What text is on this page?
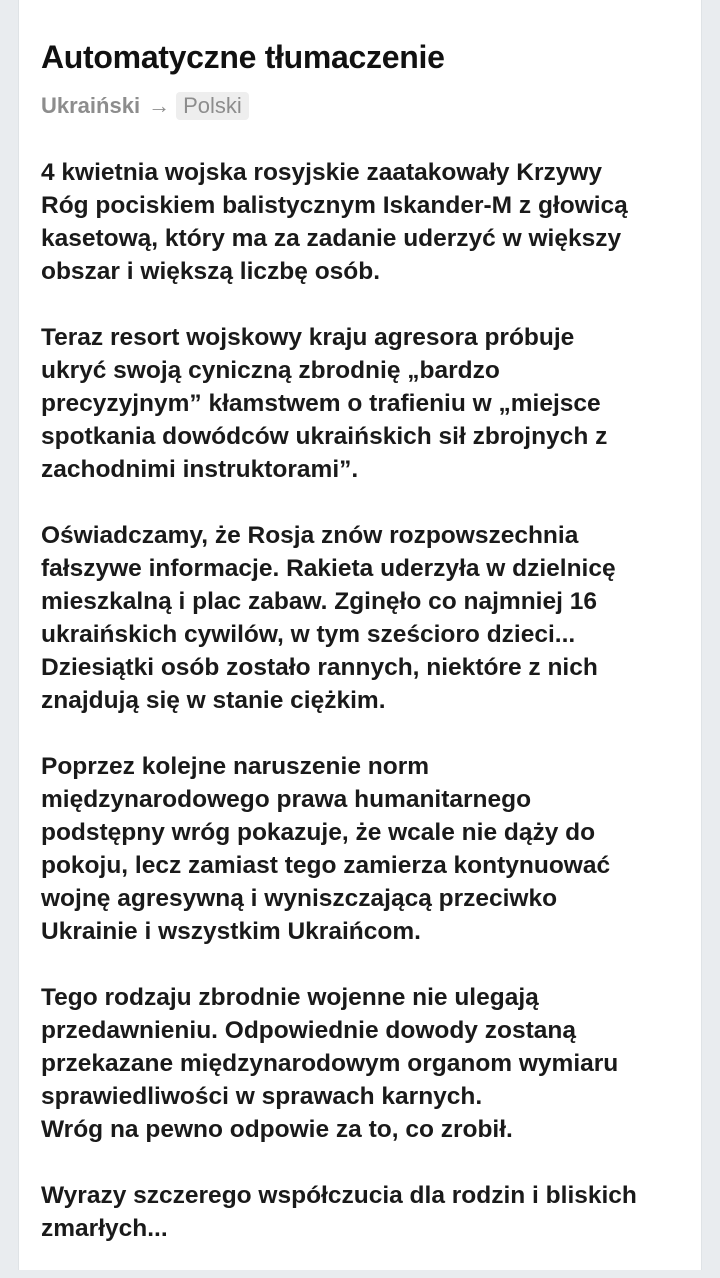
Automatyczne tłumaczenie
Ukraiński → Polski

4 kwietnia wojska rosyjskie zaatakowały Krzywy
Róg pociskiem balistycznym Iskander-M z głowicą
kasetową, który ma za zadanie uderzyć w większy
obszar i większą liczbę osób.

Teraz resort wojskowy kraju agresora próbuje
ukryć swoją cyniczną zbrodnię „bardzo
precyzyjnym” kłamstwem o trafieniu w „miejsce
spotkania dowódców ukraińskich sił zbrojnych z
zachodnimi instruktorami”.

Oświadczamy, że Rosja znów rozpowszechnia
fałszywe informacje. Rakieta uderzyła w dzielnicę
mieszkalną i plac zabaw. Zginęło co najmniej 16
ukraińskich cywilów, w tym sześcioro dzieci...
Dziesiątki osób zostało rannych, niektóre z nich
znajdują się w stanie ciężkim.

Poprzez kolejne naruszenie norm
międzynarodowego prawa humanitarnego
podstępny wróg pokazuje, że wcale nie dąży do
pokoju, lecz zamiast tego zamierza kontynuować
wojnę agresywną i wyniszczającą przeciwko
Ukrainie i wszystkim Ukraińcom.

Tego rodzaju zbrodnie wojenne nie ulegają
przedawnieniu. Odpowiednie dowody zostaną
przekazane międzynarodowym organom wymiaru
sprawiedliwości w sprawach karnych.
Wróg na pewno odpowie za to, co zrobił.

Wyrazy szczerego współczucia dla rodzin i bliskich
zmarłych...
